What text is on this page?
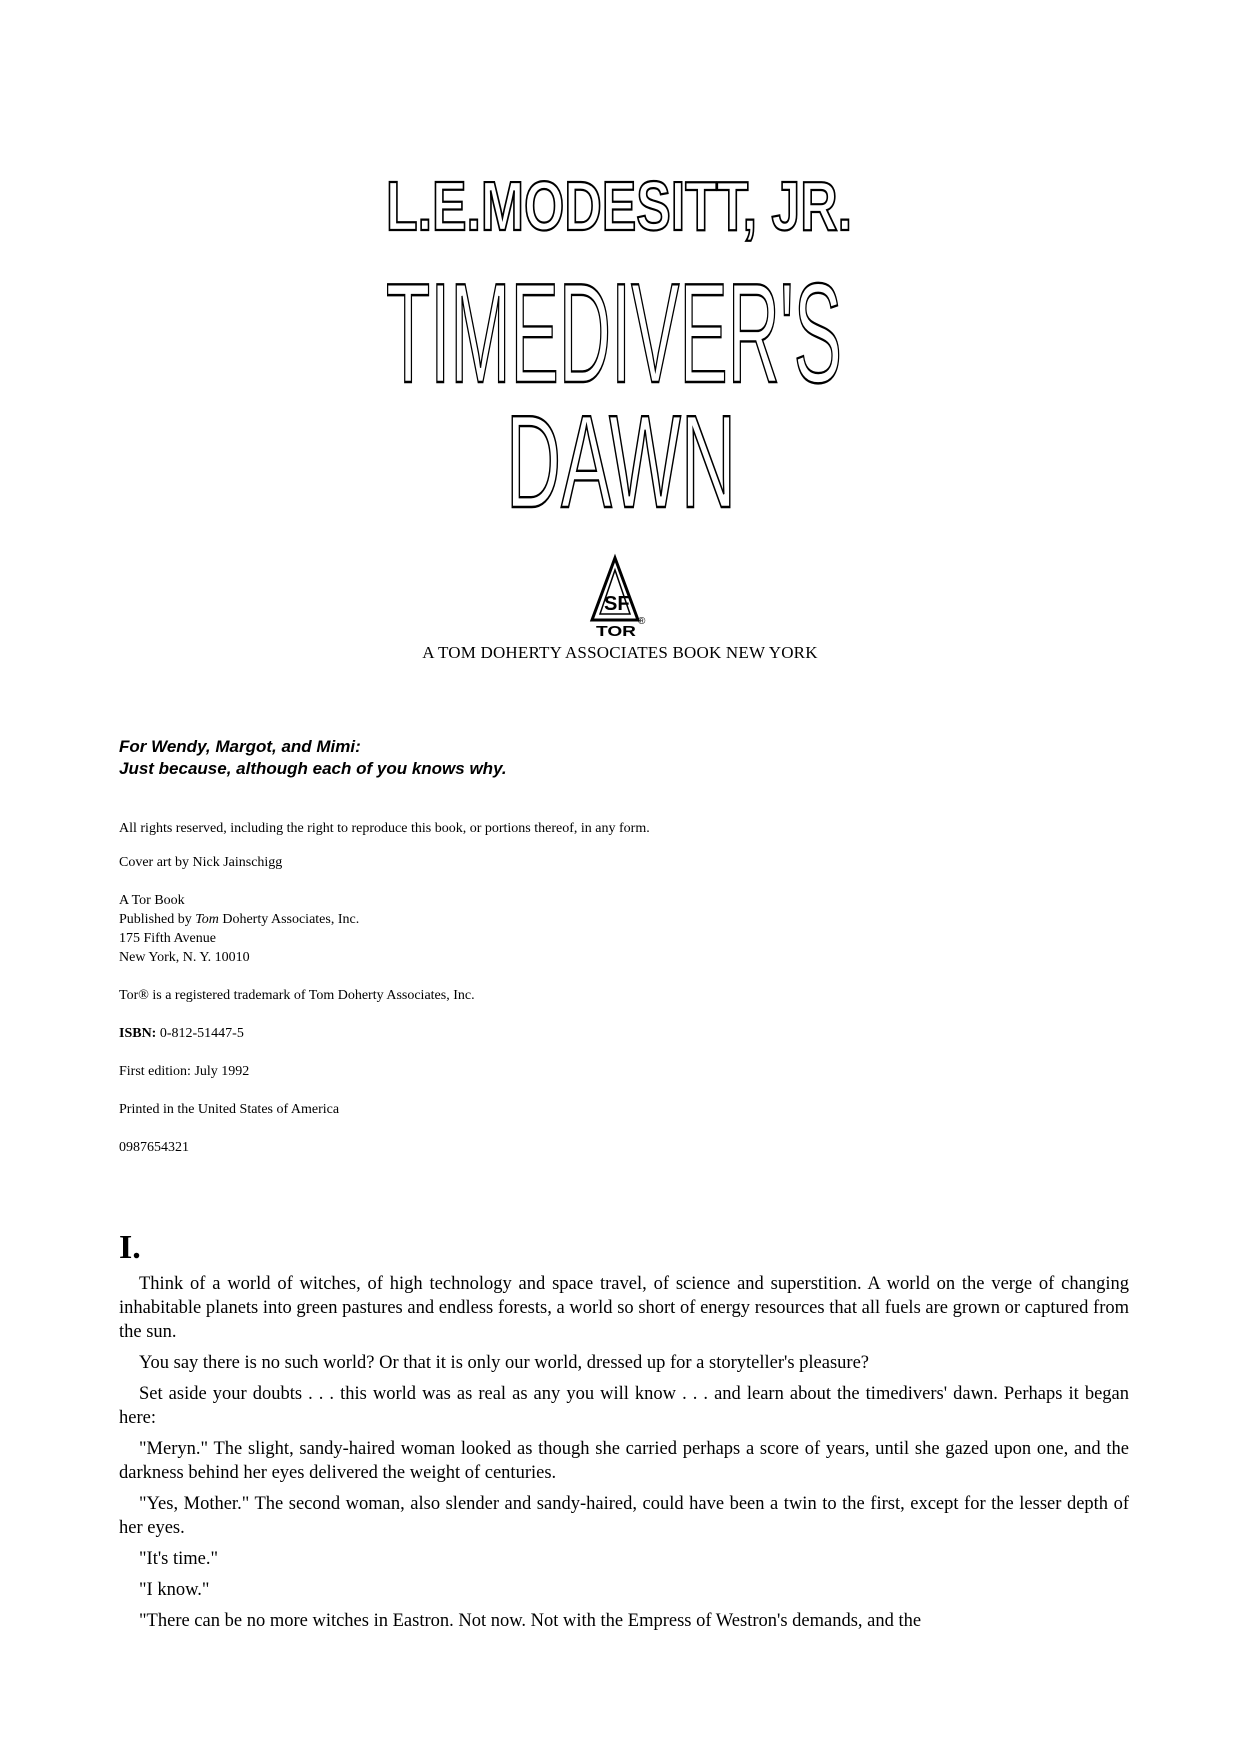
L.E.MODESITT, JR.
TIMEDIVER'S
DAWN
SF
TOR
®
A TOM DOHERTY ASSOCIATES BOOK NEW YORK
For Wendy, Margot, and Mimi:
Just because, although each of you knows why.

All rights reserved, including the right to reproduce this book, or portions thereof, in any form.

Cover art by Nick Jainschigg

A Tor Book

Published by Tom Doherty Associates, Inc.

175 Fifth Avenue

New York, N. Y. 10010

Tor® is a registered trademark of Tom Doherty Associates, Inc.

ISBN: 0-812-51447-5

First edition: July 1992

Printed in the United States of America

0987654321

I.

Think of a world of witches, of high technology and space travel, of science and superstition. A world on the verge of changing inhabitable planets into green pastures and endless forests, a world so short of energy resources that all fuels are grown or captured from the sun.

You say there is no such world? Or that it is only our world, dressed up for a storyteller's pleasure?

Set aside your doubts . . . this world was as real as any you will know . . . and learn about the timedivers' dawn. Perhaps it began here:

"Meryn." The slight, sandy-haired woman looked as though she carried perhaps a score of years, until she gazed upon one, and the darkness behind her eyes delivered the weight of centuries.

"Yes, Mother." The second woman, also slender and sandy-haired, could have been a twin to the first, except for the lesser depth of her eyes.

"It's time."

"I know."

"There can be no more witches in Eastron. Not now. Not with the Empress of Westron's demands, and the
